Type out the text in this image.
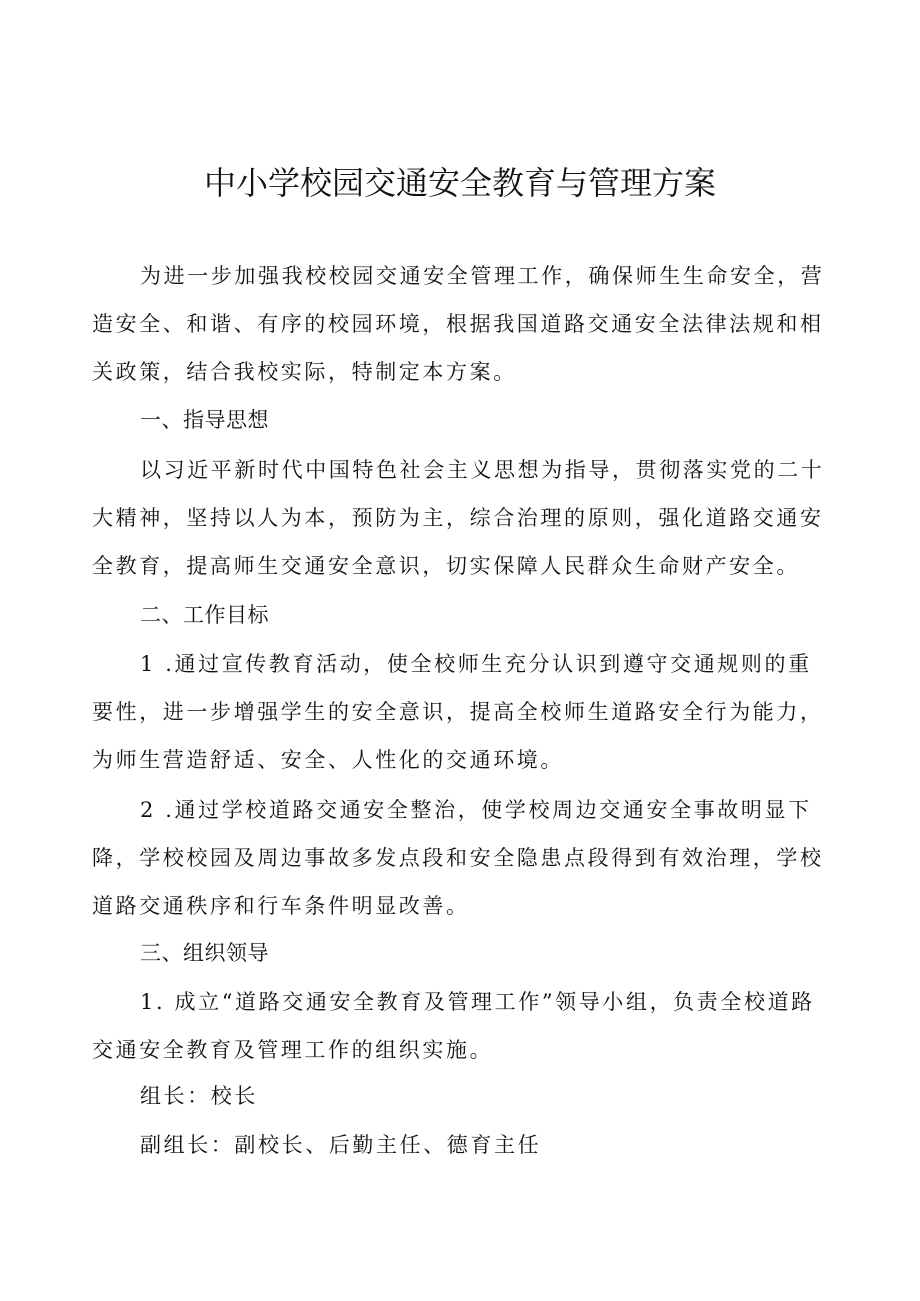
中小学校园交通安全教育与管理方案
为进一步加强我校校园交通安全管理工作，确保师生生命安全，营造安全、和谐、有序的校园环境，根据我国道路交通安全法律法规和相关政策，结合我校实际，特制定本方案。
一、指导思想
以习近平新时代中国特色社会主义思想为指导，贯彻落实党的二十大精神，坚持以人为本，预防为主，综合治理的原则，强化道路交通安全教育，提高师生交通安全意识，切实保障人民群众生命财产安全。
二、工作目标
1 .通过宣传教育活动，使全校师生充分认识到遵守交通规则的重要性，进一步增强学生的安全意识，提高全校师生道路安全行为能力，为师生营造舒适、安全、人性化的交通环境。
2 .通过学校道路交通安全整治，使学校周边交通安全事故明显下降，学校校园及周边事故多发点段和安全隐患点段得到有效治理，学校道路交通秩序和行车条件明显改善。
三、组织领导
1. 成立“道路交通安全教育及管理工作”领导小组，负责全校道路交通安全教育及管理工作的组织实施。
组长：校长
副组长：副校长、后勤主任、德育主任
